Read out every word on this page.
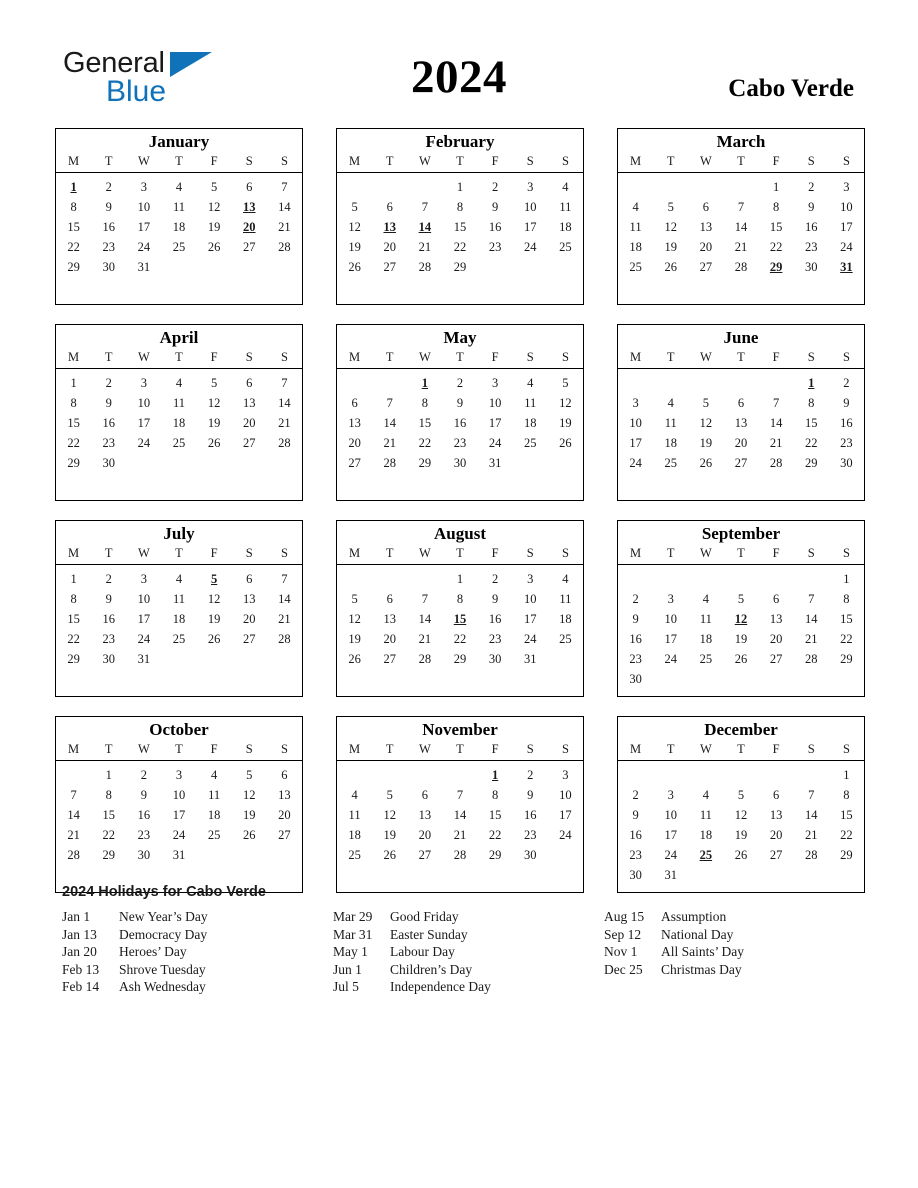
General
Blue	2024	Cabo Verde
January
M	T	W	T	F	S	S
1	2	3	4	5	6	7
8	9	10	11	12	13	14
15	16	17	18	19	20	21
22	23	24	25	26	27	28
29	30	31				

February
M	T	W	T	F	S	S
			1	2	3	4
5	6	7	8	9	10	11
12	13	14	15	16	17	18
19	20	21	22	23	24	25
26	27	28	29			

March
M	T	W	T	F	S	S
				1	2	3
4	5	6	7	8	9	10
11	12	13	14	15	16	17
18	19	20	21	22	23	24
25	26	27	28	29	30	31

April
M	T	W	T	F	S	S
1	2	3	4	5	6	7
8	9	10	11	12	13	14
15	16	17	18	19	20	21
22	23	24	25	26	27	28
29	30					

May
M	T	W	T	F	S	S
		1	2	3	4	5
6	7	8	9	10	11	12
13	14	15	16	17	18	19
20	21	22	23	24	25	26
27	28	29	30	31		

June
M	T	W	T	F	S	S
					1	2
3	4	5	6	7	8	9
10	11	12	13	14	15	16
17	18	19	20	21	22	23
24	25	26	27	28	29	30

July
M	T	W	T	F	S	S
1	2	3	4	5	6	7
8	9	10	11	12	13	14
15	16	17	18	19	20	21
22	23	24	25	26	27	28
29	30	31				

August
M	T	W	T	F	S	S
			1	2	3	4
5	6	7	8	9	10	11
12	13	14	15	16	17	18
19	20	21	22	23	24	25
26	27	28	29	30	31	

September
M	T	W	T	F	S	S
						1
2	3	4	5	6	7	8
9	10	11	12	13	14	15
16	17	18	19	20	21	22
23	24	25	26	27	28	29
30						
October
M	T	W	T	F	S	S
	1	2	3	4	5	6
7	8	9	10	11	12	13
14	15	16	17	18	19	20
21	22	23	24	25	26	27
28	29	30	31			

November
M	T	W	T	F	S	S
				1	2	3
4	5	6	7	8	9	10
11	12	13	14	15	16	17
18	19	20	21	22	23	24
25	26	27	28	29	30	

December
M	T	W	T	F	S	S
						1
2	3	4	5	6	7	8
9	10	11	12	13	14	15
16	17	18	19	20	21	22
23	24	25	26	27	28	29
30	31					
2024 Holidays for Cabo Verde
Jan 1	New Year’s Day
Jan 13	Democracy Day
Jan 20	Heroes’ Day
Feb 13	Shrove Tuesday
Feb 14	Ash Wednesday
Mar 29	Good Friday
Mar 31	Easter Sunday
May 1	Labour Day
Jun 1	Children’s Day
Jul 5	Independence Day
Aug 15	Assumption
Sep 12	National Day
Nov 1	All Saints’ Day
Dec 25	Christmas Day
